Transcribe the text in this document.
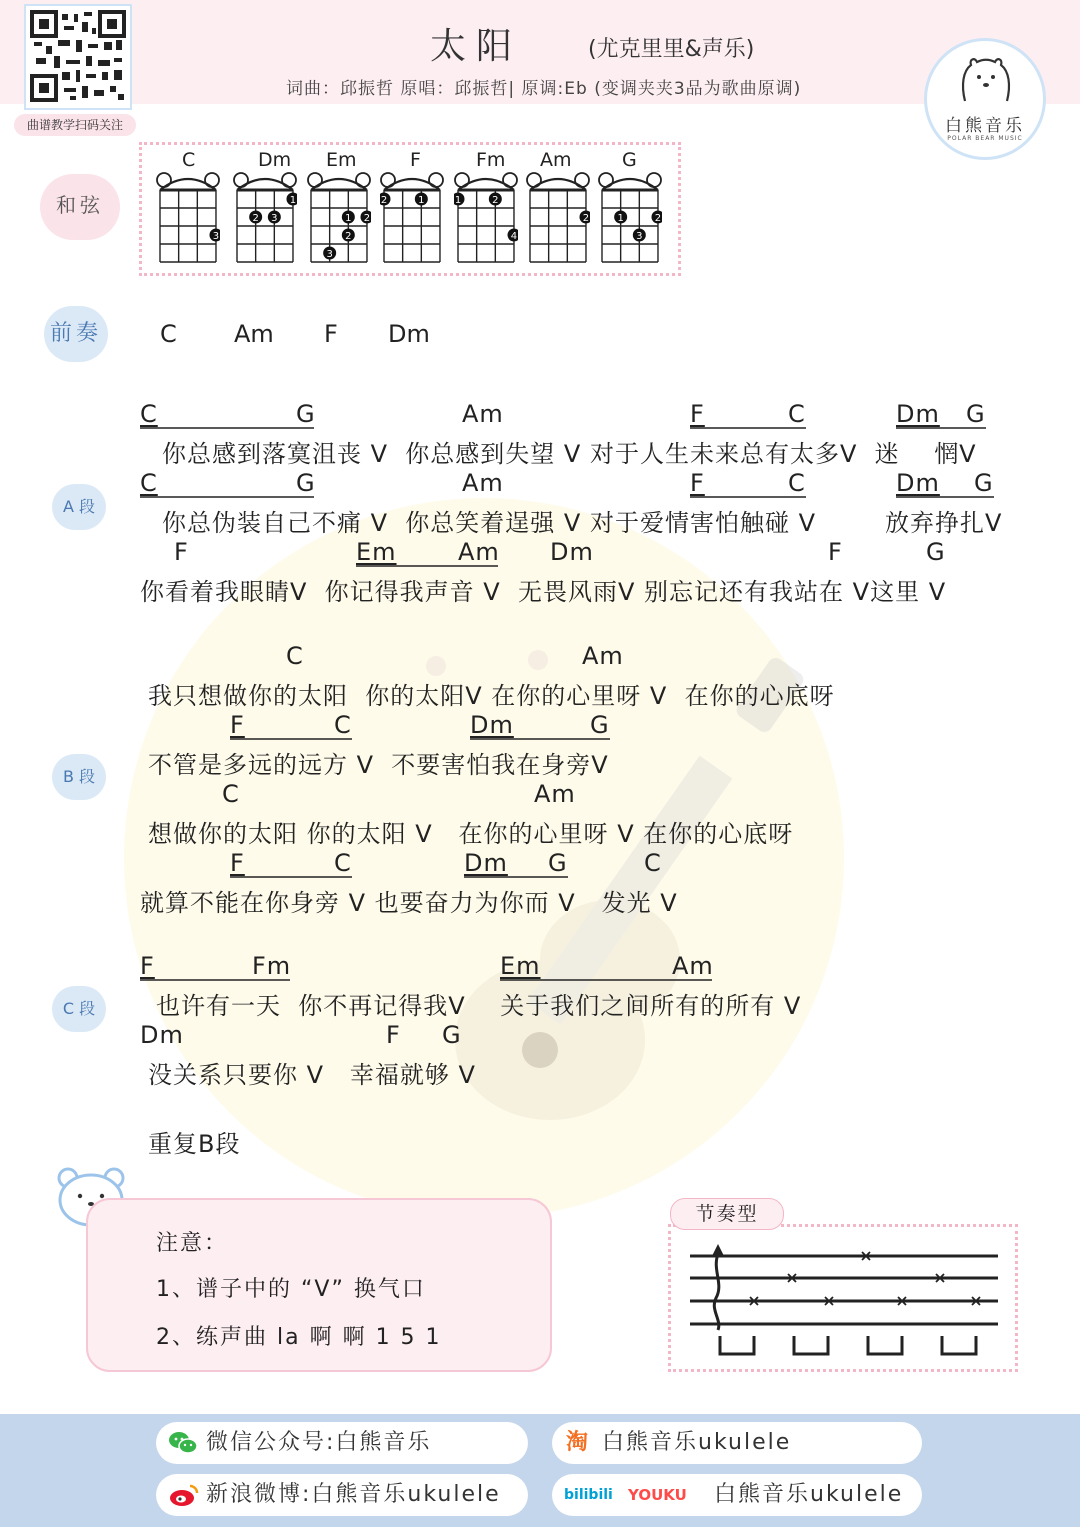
曲谱教学扫码关注
太阳	(尤克里里&声乐)
词曲：邱振哲 原唱：邱振哲| 原调:Eb (变调夹夹3品为歌曲原调)
白熊音乐
POLAR BEAR MUSIC
和弦
C
3
Dm
1
2 3
Em
1 2
2
3
F
1
2
Fm
1	2
4
Am
2
G
1	2
3
前奏 C Am F Dm
A 段
C	G	Am	F	C	Dm G
你总感到落寞沮丧 V  你总感到失望 V 对于人生未来总有太多V  迷    惘V
C	G	Am	F	C	Dm G
你总伪装自己不痛 V  你总笑着逞强 V 对于爱情害怕触碰 V        放弃挣扎V
F	Em	Am Dm	F	G
你看着我眼睛V  你记得我声音 V  无畏风雨V 别忘记还有我站在 V这里 V
B 段
C	Am
我只想做你的太阳  你的太阳V 在你的心里呀 V  在你的心底呀
F	C	Dm	G
不管是多远的远方 V  不要害怕我在身旁V
C	Am
想做你的太阳 你的太阳 V   在你的心里呀 V 在你的心底呀
F	C	Dm G	C
就算不能在你身旁 V 也要奋力为你而 V   发光 V
C 段
F	Fm	Em	Am
也许有一天  你不再记得我V    关于我们之间所有的所有 V
Dm	F G
没关系只要你 V   幸福就够 V
重复B段
注意：
1、谱子中的 “V” 换气口
2、练声曲 la 啊 啊 1 5 1
节奏型
微信公众号:白熊音乐	淘 白熊音乐ukulele
新浪微博:白熊音乐ukulele	bilibili YOUKU 白熊音乐ukulele
